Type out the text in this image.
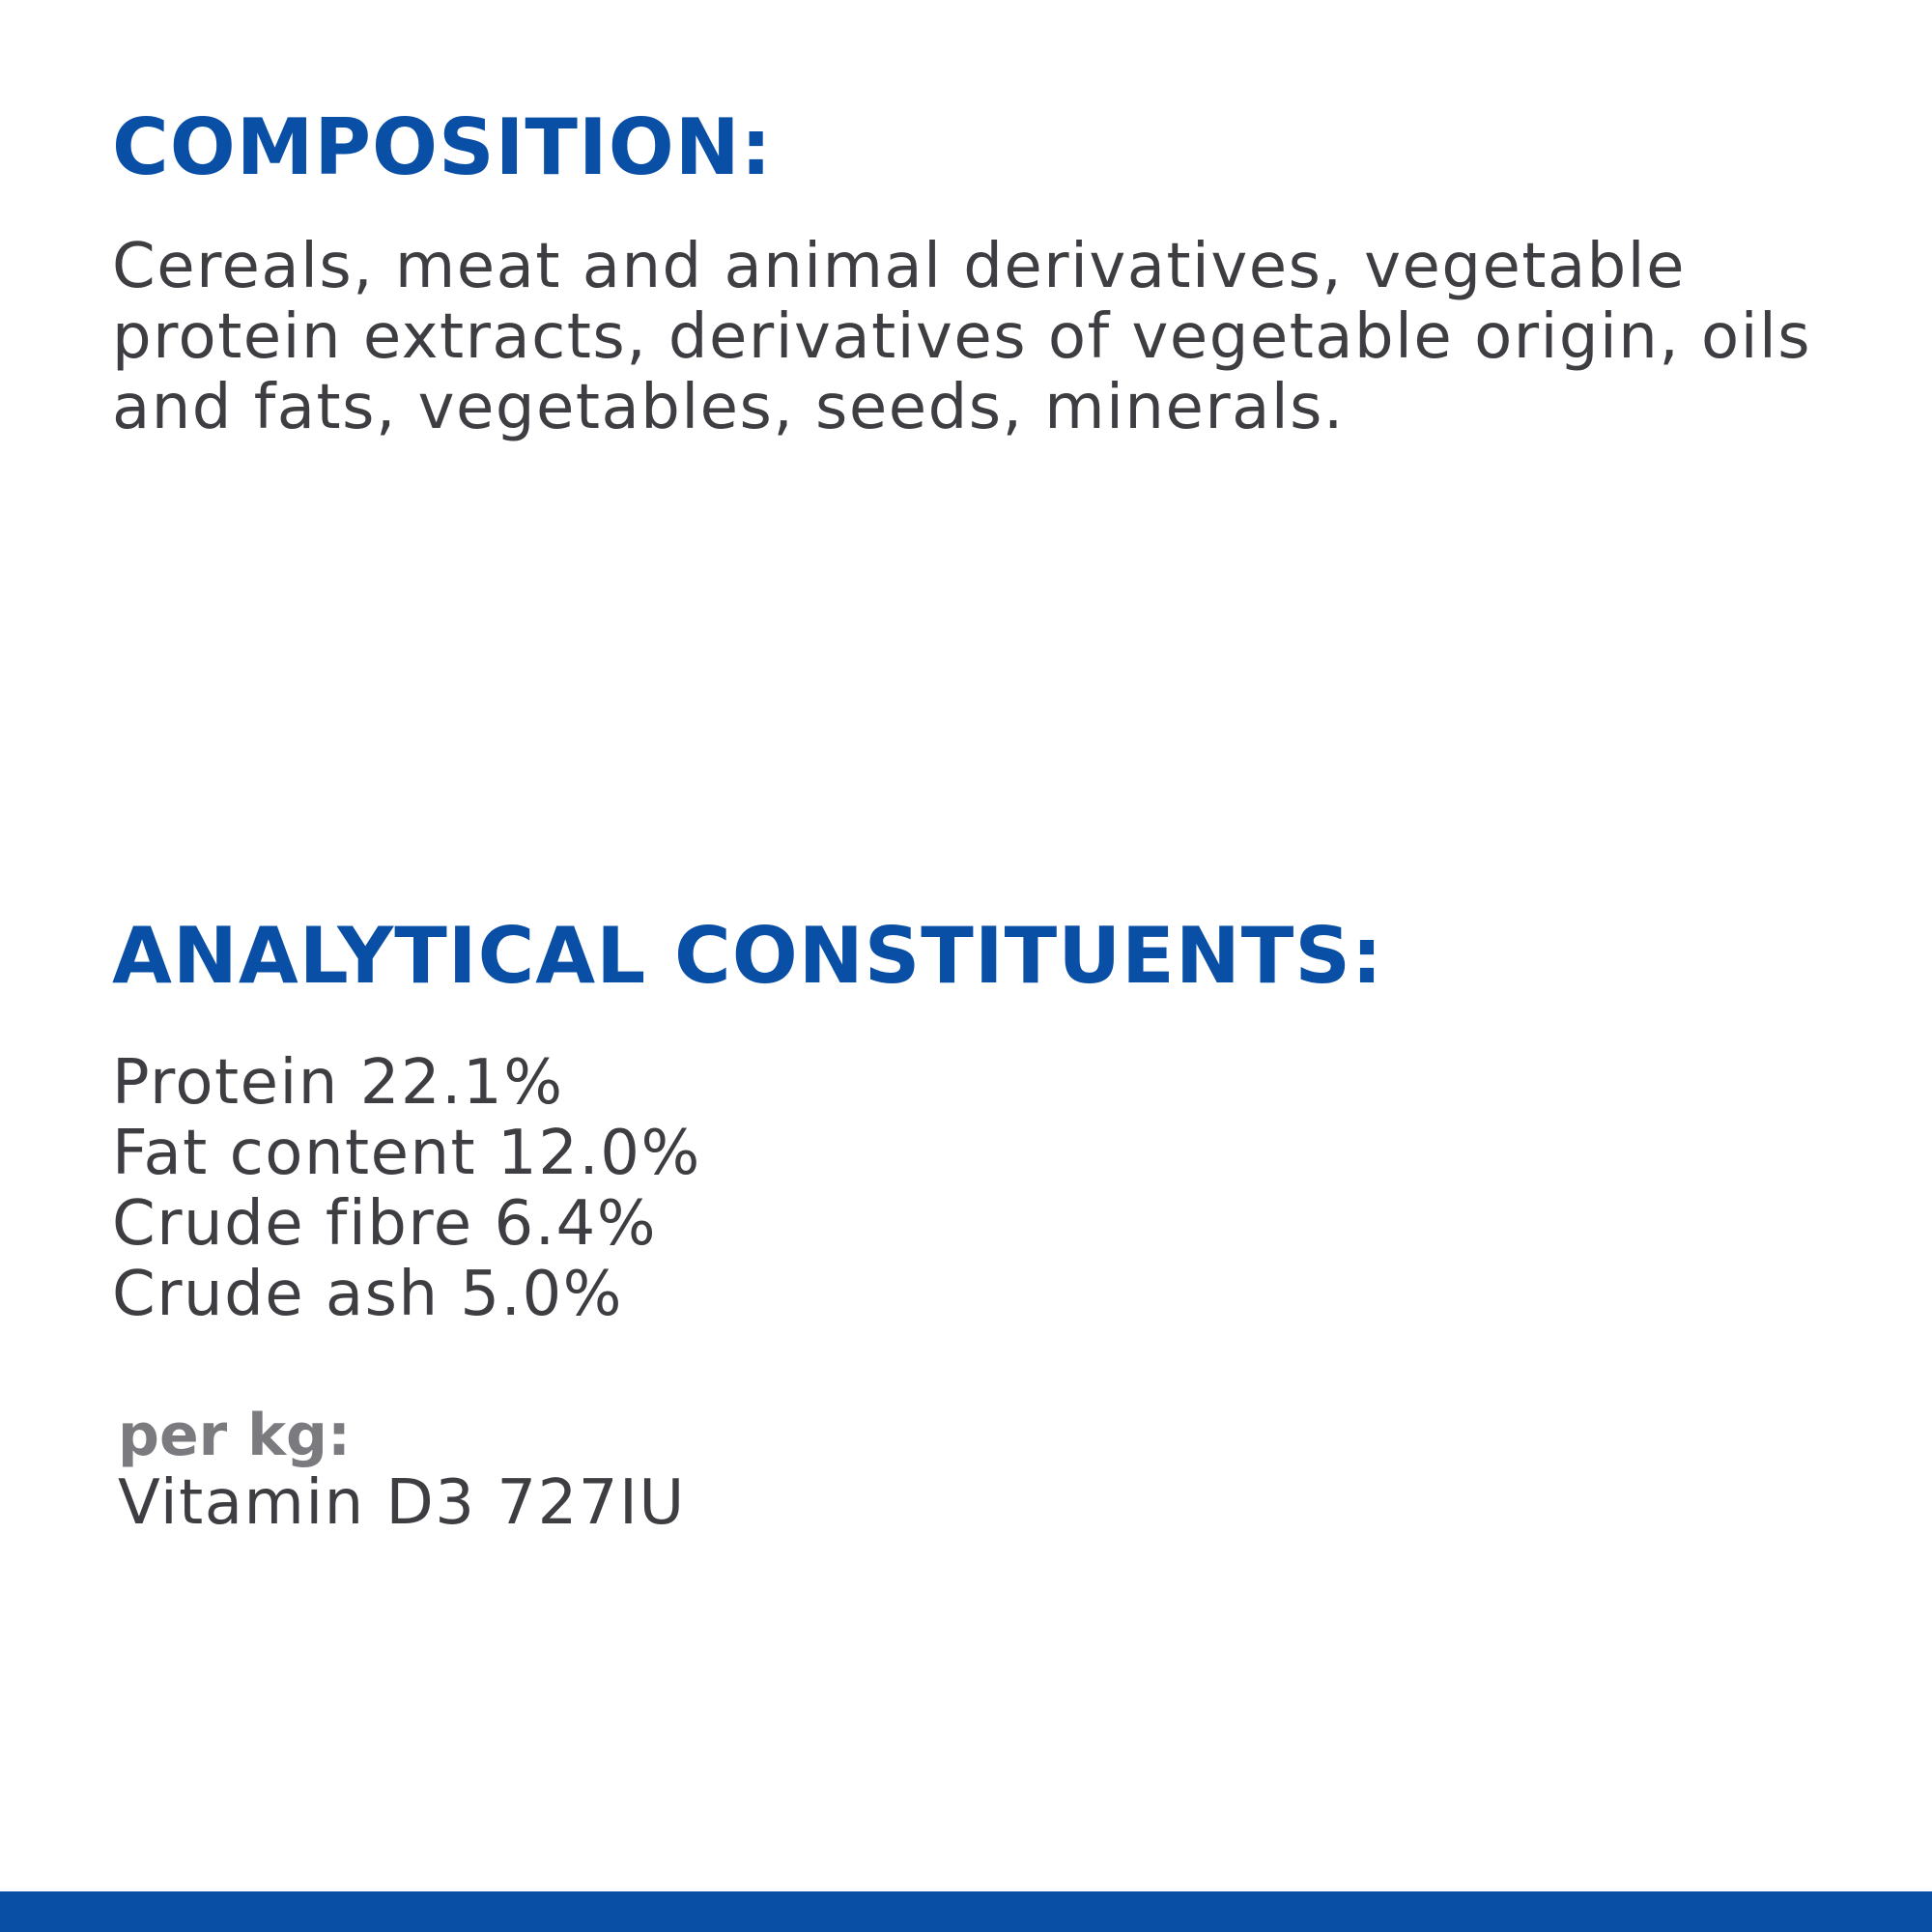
COMPOSITION:

Cereals, meat and animal derivatives, vegetable protein extracts, derivatives of vegetable origin, oils and fats, vegetables, seeds, minerals.

ANALYTICAL CONSTITUENTS:
Protein 22.1%
Fat content 12.0%
Crude fibre 6.4%
Crude ash 5.0%

per kg:

Vitamin D3 727IU
